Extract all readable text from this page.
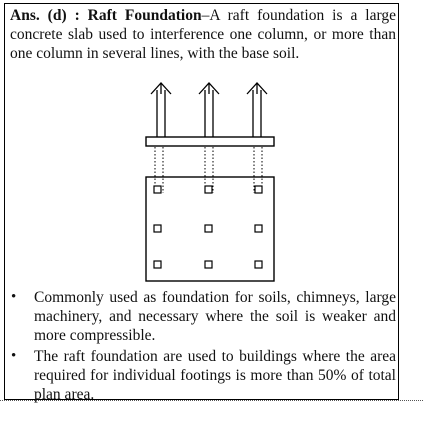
Ans. (d) : Raft Foundation–A raft foundation is a large concrete slab used to interference one column, or more than one column in several lines, with the base soil.

• Commonly used as foundation for soils, chimneys, large machinery, and necessary where the soil is weaker and more compressible.
• The raft foundation are used to buildings where the area required for individual footings is more than 50% of total plan area.
